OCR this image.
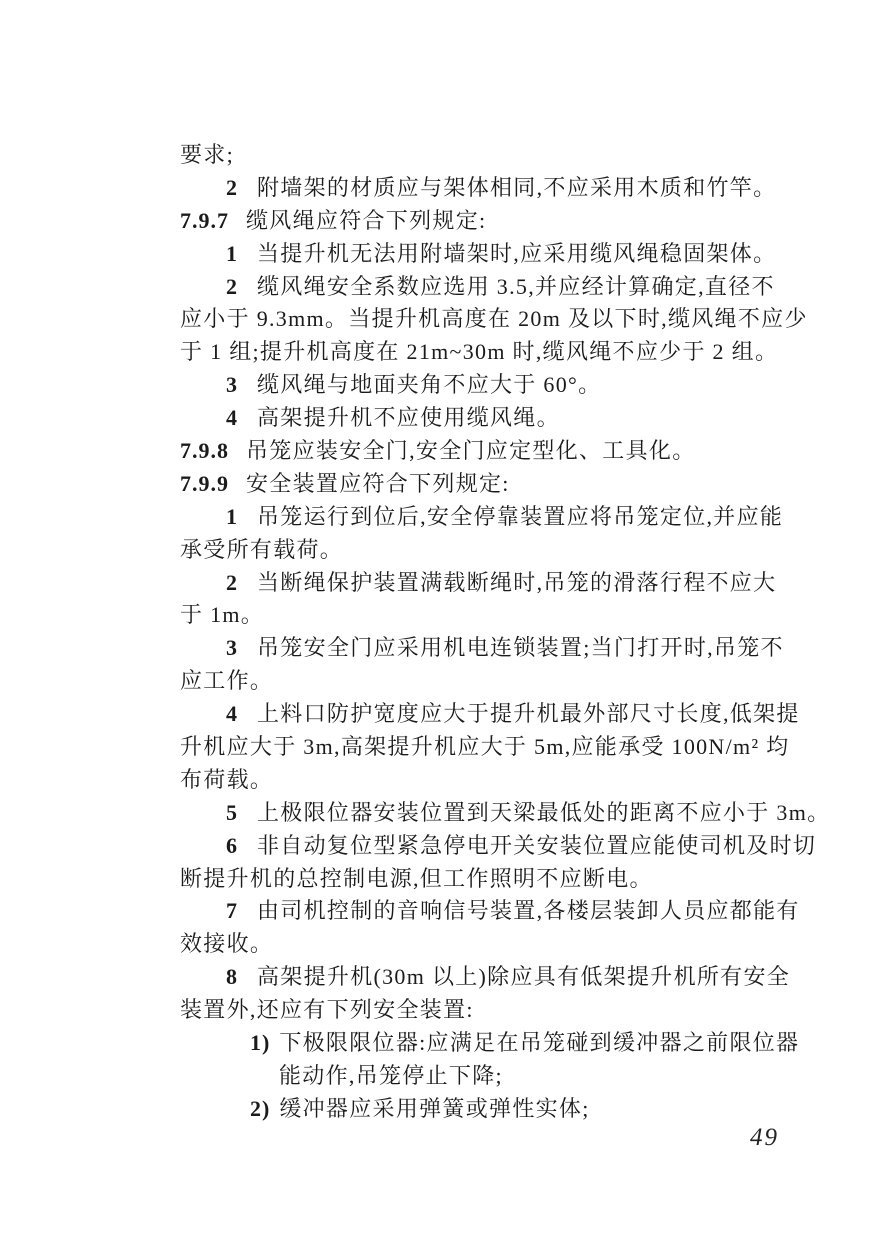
要求;
2 附墙架的材质应与架体相同,不应采用木质和竹竿。
7.9.7 缆风绳应符合下列规定:
1 当提升机无法用附墙架时,应采用缆风绳稳固架体。
2 缆风绳安全系数应选用 3.5,并应经计算确定,直径不
应小于 9.3mm。当提升机高度在 20m 及以下时,缆风绳不应少
于 1 组;提升机高度在 21m~30m 时,缆风绳不应少于 2 组。
3 缆风绳与地面夹角不应大于 60°。
4 高架提升机不应使用缆风绳。
7.9.8 吊笼应装安全门,安全门应定型化、工具化。
7.9.9 安全装置应符合下列规定:
1 吊笼运行到位后,安全停靠装置应将吊笼定位,并应能
承受所有载荷。
2 当断绳保护装置满载断绳时,吊笼的滑落行程不应大
于 1m。
3 吊笼安全门应采用机电连锁装置;当门打开时,吊笼不
应工作。
4 上料口防护宽度应大于提升机最外部尺寸长度,低架提
升机应大于 3m,高架提升机应大于 5m,应能承受 100N/m² 均
布荷载。
5 上极限位器安装位置到天梁最低处的距离不应小于 3m。
6 非自动复位型紧急停电开关安装位置应能使司机及时切
断提升机的总控制电源,但工作照明不应断电。
7 由司机控制的音响信号装置,各楼层装卸人员应都能有
效接收。
8 高架提升机(30m 以上)除应具有低架提升机所有安全
装置外,还应有下列安全装置:
1) 下极限限位器:应满足在吊笼碰到缓冲器之前限位器
能动作,吊笼停止下降;
2) 缓冲器应采用弹簧或弹性实体;
49
